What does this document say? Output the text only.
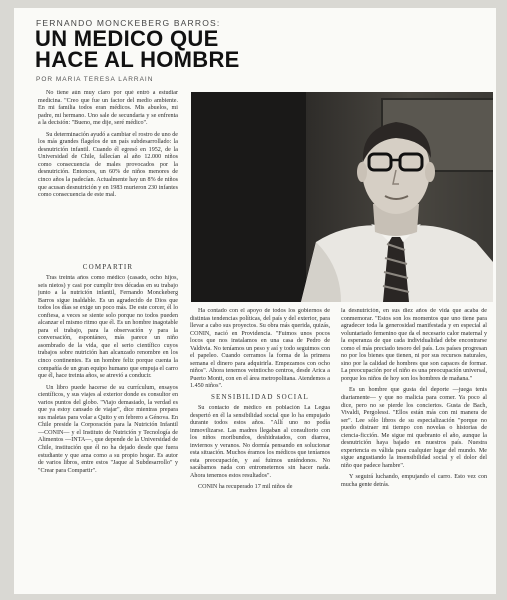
FERNANDO MONCKEBERG BARROS:
UN MEDICO QUE
HACE AL HOMBRE
POR MARIA TERESA LARRAIN

No tiene aún muy claro por qué entró a estudiar medicina. "Creo que fue un factor del medio ambiente. En mi familia todos eran médicos. Mis abuelos, mi padre, mi hermano. Uno sale de secundaria y se enfrenta a la decisión: "Bueno, me dije, seré médico".

Su determinación ayudó a cambiar el rostro de uno de los más grandes flagelos de un país subdesarrollado: la desnutrición infantil. Cuando él egresó en 1952, de la Universidad de Chile, fallecían al año 12.000 niños como consecuencia de males provocados por la desnutrición. Entonces, un 60% de niños menores de cinco años la padecían. Actualmente hay un 8% de niños que acusan desnutrición y en 1983 murieron 230 infantes como consecuencia de este mal.

COMPARTIR

Tras treinta años como médico (casado, ocho hijos, seis nietos) y casi por cumplir tres décadas en su trabajo junto a la nutrición infantil, Fernando Monckeberg Barros sigue inaldable. Es un agradecido de Dios que todos los días se exige un poco más. De este corcer, él lo confiesa, a veces se siente solo porque no todos pueden alcanzar el mismo ritmo que él. Es un hombre inagotable para el trabajo, para la observación y para la conversación, espontáneo, más parece un niño asombrado de la vida, que el serio científico cuyos trabajos sobre nutrición han alcanzado renombre en los cinco continentes. Es un hombre feliz porque cuenta la compañía de un gran equipo humano que empuja el carro que él, hace treinta años, se atrevió a conducir.

Un libro puede hacerse de su currículum, ensayos científicos, y sus viajes al exterior donde es consultor en varios puntos del globo. "Viajo demasiado, la verdad es que ya estoy cansado de viajar", dice mientras prepara sus maletas para volar a Quito y en febrero a Génova. En Chile preside la Corporación para la Nutrición Infantil —CONIN— y el Instituto de Nutrición y Tecnología de Alimentos —INTA—, que depende de la Universidad de Chile, institución que él no ha dejado desde que fuera estudiante y que ama como a su propio hogar. Es autor de varios libros, entre estos "Jaque al Subdesarrollo" y "Crear para Compartir".

Ha contado con el apoyo de todos los gobiernos de distintas tendencias políticas, del país y del exterior, para llevar a cabo sus proyectos. Su obra más querida, quizás, CONIN, nació en Providencia. "Fuimos unos pocos locos que nos instalamos en una casa de Pedro de Valdivia. No teníamos un peso y así y todo seguimos con el papeleo. Cuando cerramos la forma de la primera semana el dinero para adquirirla. Empezamos con ocho niños". Ahora tenemos veintiocho centros, desde Arica a Puerto Montt, con en el área metropolitana. Atendemos a 1.450 niños".

SENSIBILIDAD SOCIAL

Su contacto de médico en población La Legua despertó en él la sensibilidad social que lo ha empujado durante todos estos años. "Allí uno no podía inmovilizarse. Las madres llegaban al consultorio con los niños moribundos, deshidratados, con diarrea, inviernos y veranos. No dormía pensando en solucionar esta situación. Muchos éramos los médicos que teníamos esta preocupación, y así fuimos uniéndonos. No sacábamos nada con entrometernos sin hacer nada. Ahora tenemos estos resultados".

CONIN ha recuperado 17 mil niños de

la desnutrición, en sus diez años de vida que acaba de conmemorar. "Estos son los momentos que uno tiene para agradecer toda la generosidad manifestada y en especial al voluntariado femenino que da el necesario calor maternal y la esperanza de que cada individualidad debe encontrarse como el más preciado tesoro del país. Los países progresan no por los bienes que tienen, ni por sus recursos naturales, sino por la calidad de hombres que son capaces de formar. La preocupación por el niño es una preocupación universal, porque los niños de hoy son los hombres de mañana."

Es un hombre que gusta del deporte —juega tenis diariamente— y que no malicia para comer. Ya poco al dice, pero no se pierde los conciertos. Gusta de Bach, Vivaldi, Pergolessi. "Ellos están más con mi manera de ser". Lee sólo libros de su especialización "porque no puedo distraer mi tiempo con novelas o historias de ciencia-ficción. Me sigue mi quebranto el año, aunque la desnutrición haya bajado en nuestros país. Nuestra experiencia es válida para cualquier lugar del mundo. Me sigue angustiando la insensibilidad social y el dolor del niño que padece hambre".

Y seguirá luchando, empujando el carro. Esto vez con mucha gente detrás.
